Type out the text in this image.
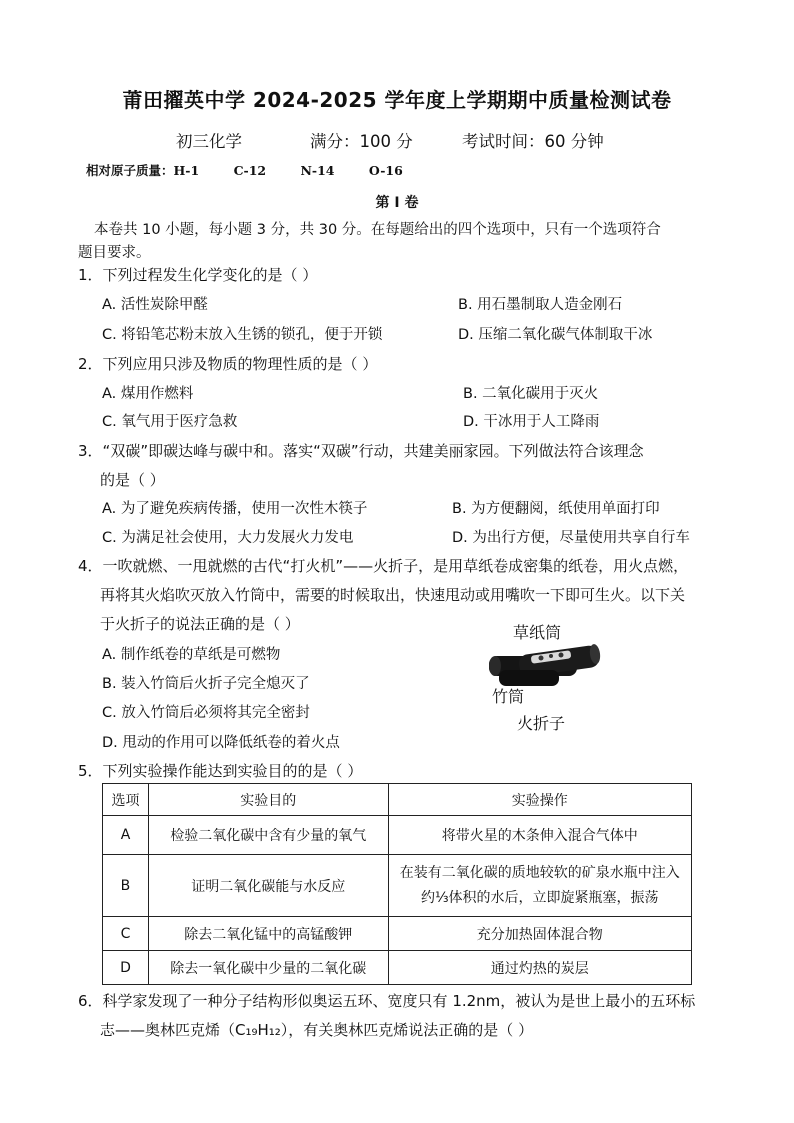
莆田擢英中学 2024-2025 学年度上学期期中质量检测试卷
初三化学	满分：100 分	考试时间：60 分钟
相对原子质量：H-1	C-12	N-14	O-16
第 I 卷
本卷共 10 小题，每小题 3 分，共 30 分。在每题给出的四个选项中，只有一个选项符合
题目要求。
1．下列过程发生化学变化的是（ ）
A. 活性炭除甲醛	B. 用石墨制取人造金刚石
C. 将铅笔芯粉末放入生锈的锁孔，便于开锁	D. 压缩二氧化碳气体制取干冰
2．下列应用只涉及物质的物理性质的是（ ）
A. 煤用作燃料	B. 二氧化碳用于灭火
C. 氧气用于医疗急救	D. 干冰用于人工降雨
3．“双碳”即碳达峰与碳中和。落实“双碳”行动，共建美丽家园。下列做法符合该理念
的是（ ）
A. 为了避免疾病传播，使用一次性木筷子	B. 为方便翻阅，纸使用单面打印
C. 为满足社会使用，大力发展火力发电	D. 为出行方便，尽量使用共享自行车
4．一吹就燃、一甩就燃的古代“打火机”——火折子，是用草纸卷成密集的纸卷，用火点燃，
再将其火焰吹灭放入竹筒中，需要的时候取出，快速甩动或用嘴吹一下即可生火。以下关
于火折子的说法正确的是（ ）
A. 制作纸卷的草纸是可燃物
B. 装入竹筒后火折子完全熄灭了
C. 放入竹筒后必须将其完全密封
D. 甩动的作用可以降低纸卷的着火点
草纸筒
竹筒
火折子
5．下列实验操作能达到实验目的的是（ ）
选项	实验目的	实验操作
A	检验二氧化碳中含有少量的氧气	将带火星的木条伸入混合气体中
B	证明二氧化碳能与水反应	在装有二氧化碳的质地较软的矿泉水瓶中注入约⅓体积的水后，立即旋紧瓶塞，振荡
C	除去二氧化锰中的高锰酸钾	充分加热固体混合物
D	除去一氧化碳中少量的二氧化碳	通过灼热的炭层
6．科学家发现了一种分子结构形似奥运五环、宽度只有 1.2nm，被认为是世上最小的五环标
志——奥林匹克烯（C₁₉H₁₂），有关奥林匹克烯说法正确的是（ ）
